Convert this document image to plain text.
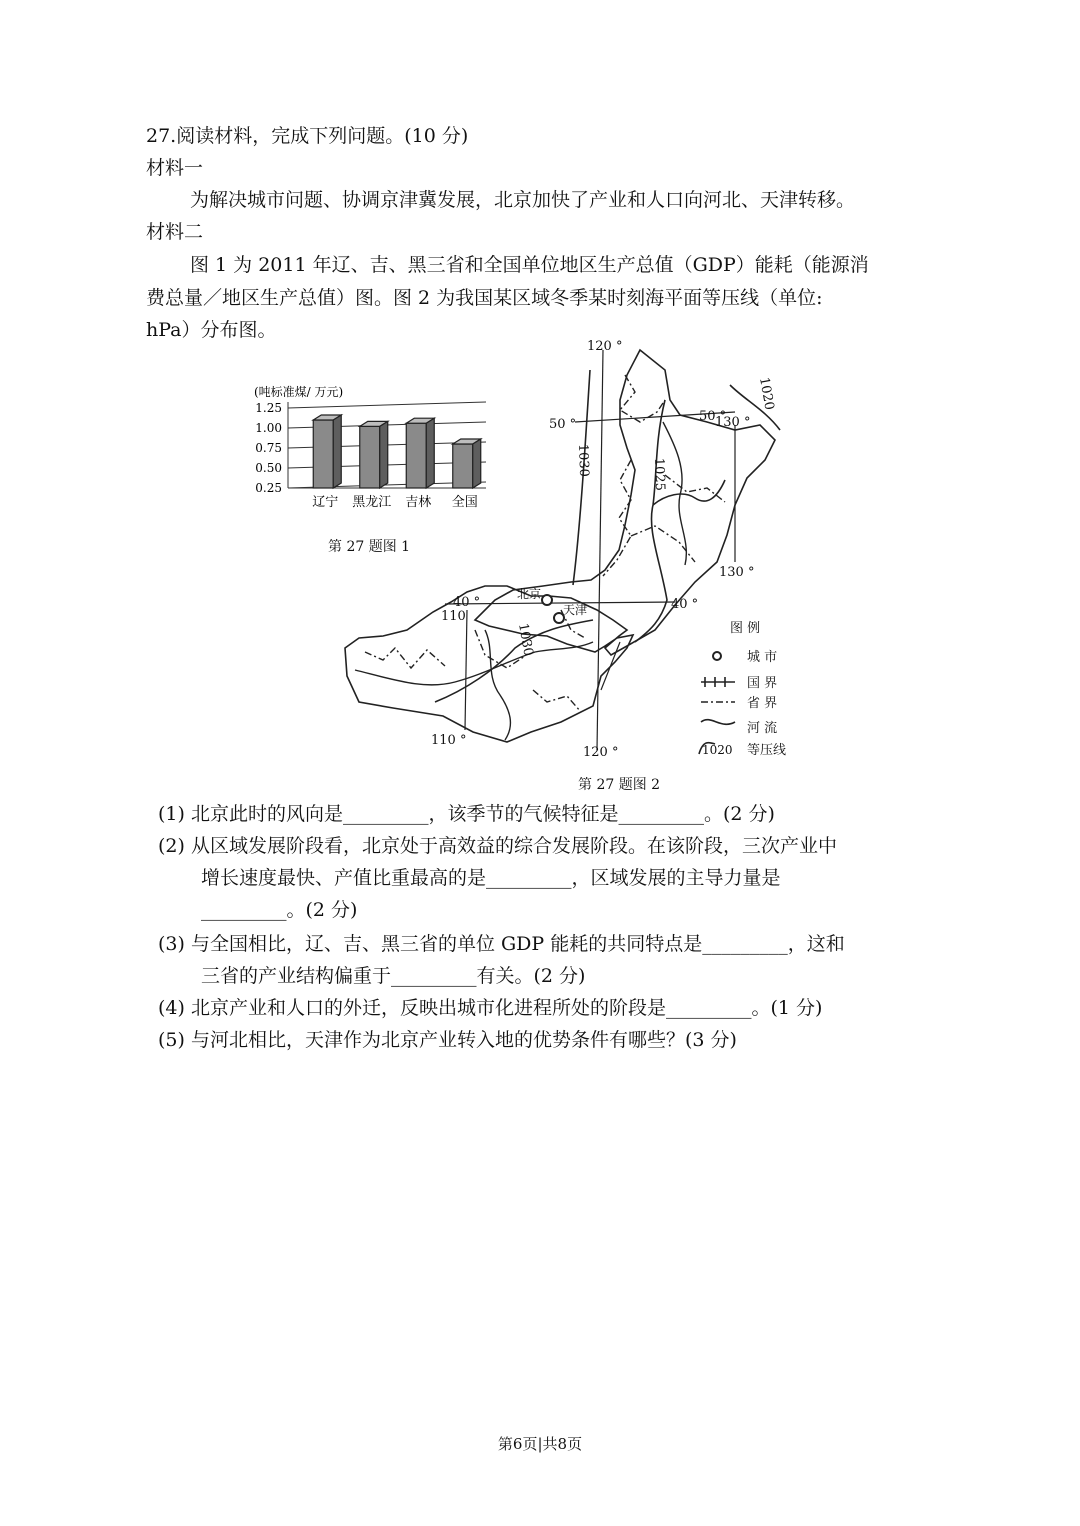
27.阅读材料，完成下列问题。(10 分)
材料一
为解决城市问题、协调京津冀发展，北京加快了产业和人口向河北、天津转移。
材料二
图 1 为 2011 年辽、吉、黑三省和全国单位地区生产总值（GDP）能耗（能源消
费总量／地区生产总值）图。图 2 为我国某区域冬季某时刻海平面等压线（单位:
hPa）分布图。
(吨标准煤/ 万元)
1.25
1.00
0.75
0.50
0.25
辽宁 黑龙江 吉林 全国
第 27 题图 1
120 °
50 °
50 °
130 °
130 °
40 °	40 °
110
110 °
120 °
1020
1025
1030
1030
北京
天津
图 例
城 市
国 界
省 界
河 流
1020 等压线
第 27 题图 2
(1) 北京此时的风向是_________，该季节的气候特征是_________。(2 分)
(2) 从区域发展阶段看，北京处于高效益的综合发展阶段。在该阶段，三次产业中
增长速度最快、产值比重最高的是_________，区域发展的主导力量是
_________。(2 分)
(3) 与全国相比，辽、吉、黑三省的单位 GDP 能耗的共同特点是_________，这和
三省的产业结构偏重于_________有关。(2 分)
(4) 北京产业和人口的外迁，反映出城市化进程所处的阶段是_________。(1 分)
(5) 与河北相比，天津作为北京产业转入地的优势条件有哪些？(3 分)
第6页|共8页
